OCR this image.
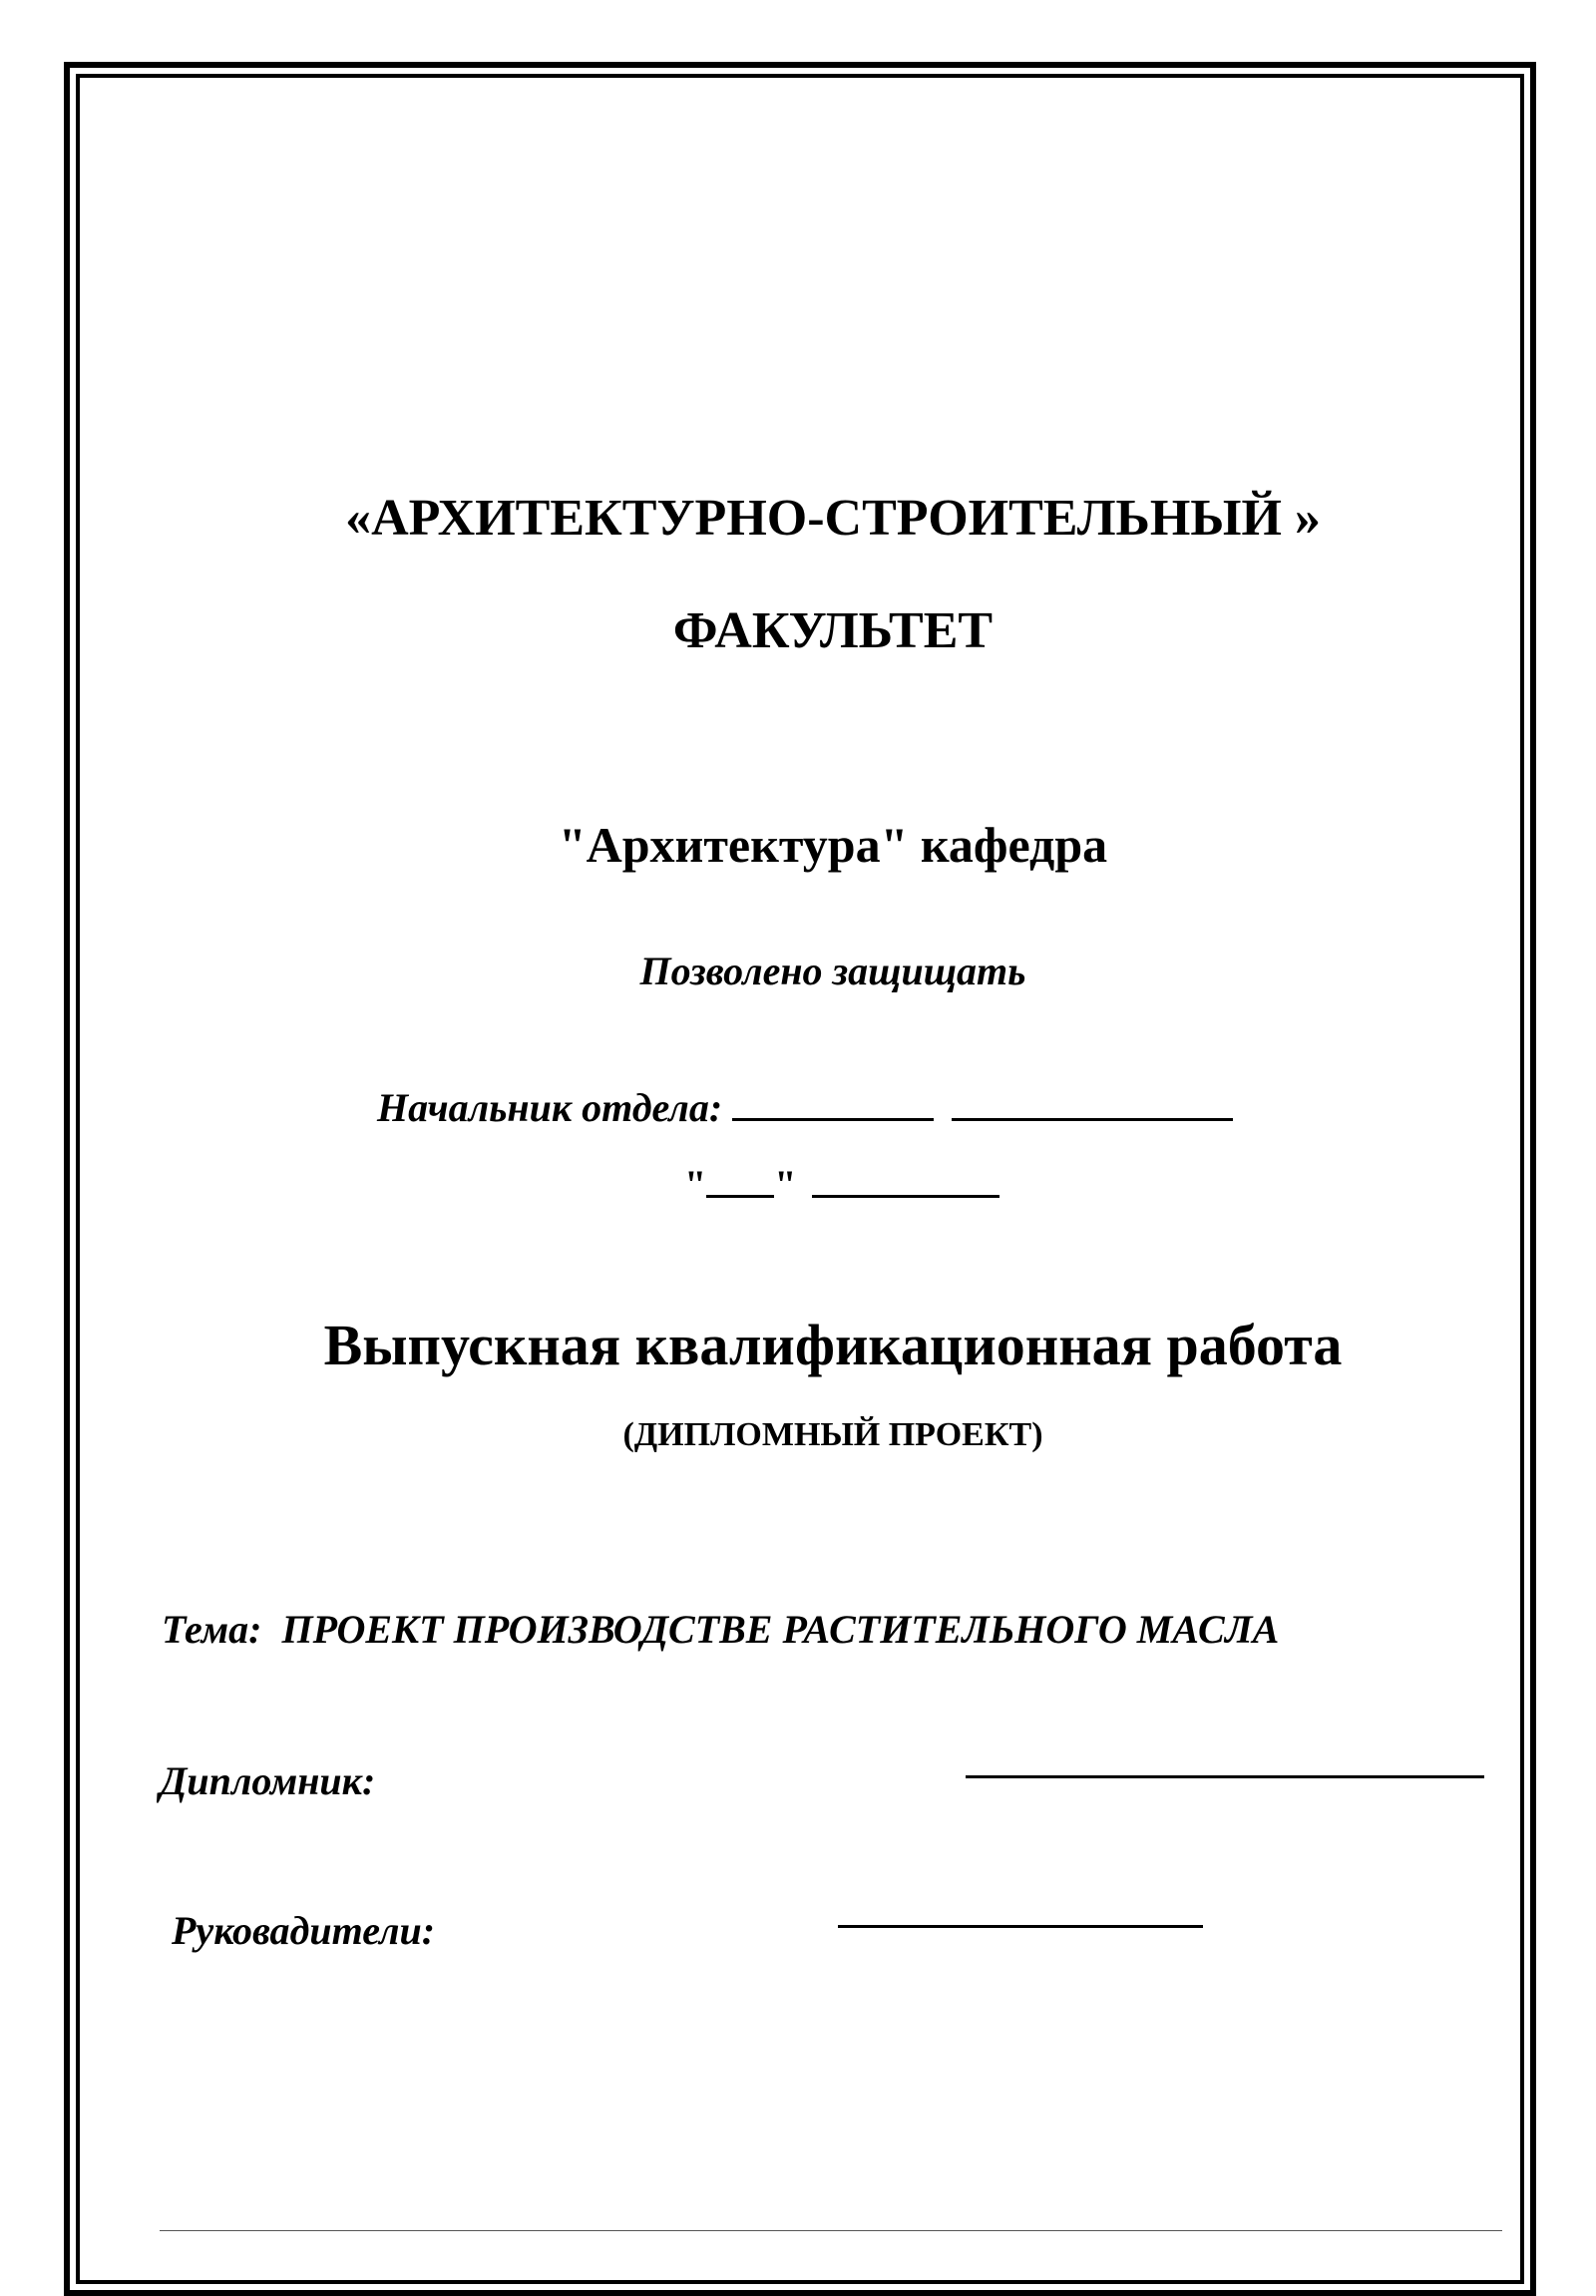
«АРХИТЕКТУРНО-СТРОИТЕЛЬНЫЙ »
ФАКУЛЬТЕТ
"Архитектура" кафедра
Позволено защищать
Начальник отдела:
" "
Выпускная квалификационная работа
(ДИПЛОМНЫЙ ПРОЕКТ)
Тема: ПРОЕКТ ПРОИЗВОДСТВЕ РАСТИТЕЛЬНОГО МАСЛА
Дипломник:
Руковадители:
